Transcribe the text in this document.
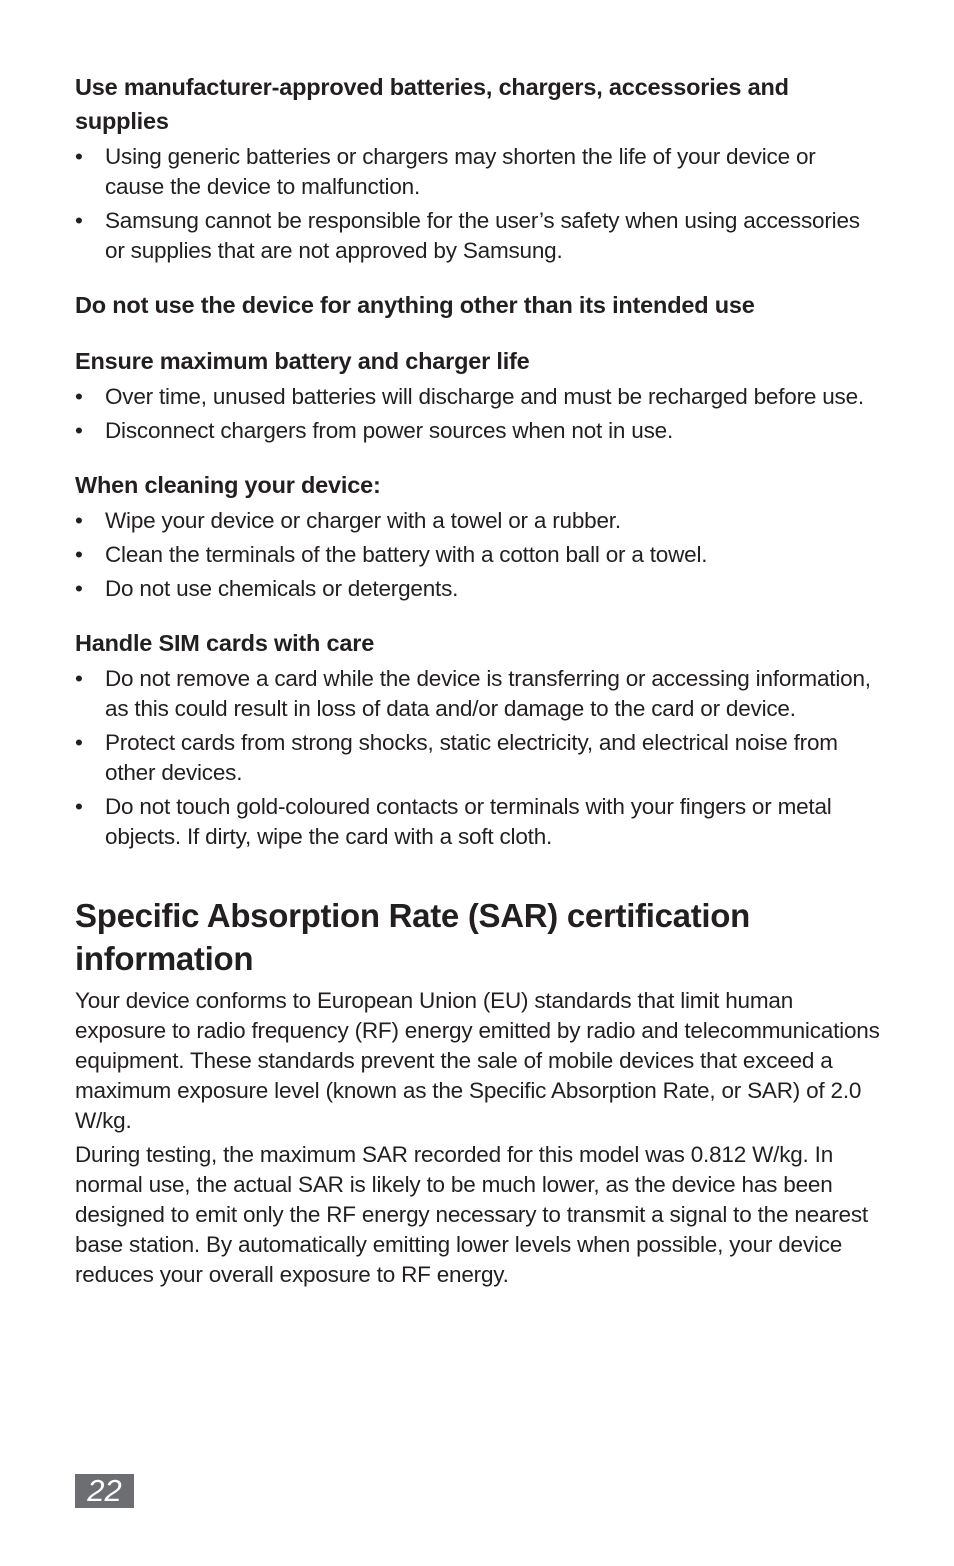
Use manufacturer-approved batteries, chargers, accessories and supplies
• Using generic batteries or chargers may shorten the life of your device or cause the device to malfunction.
• Samsung cannot be responsible for the user’s safety when using accessories or supplies that are not approved by Samsung.
Do not use the device for anything other than its intended use
Ensure maximum battery and charger life
• Over time, unused batteries will discharge and must be recharged before use.
• Disconnect chargers from power sources when not in use.
When cleaning your device:
• Wipe your device or charger with a towel or a rubber.
• Clean the terminals of the battery with a cotton ball or a towel.
• Do not use chemicals or detergents.
Handle SIM cards with care
• Do not remove a card while the device is transferring or accessing information, as this could result in loss of data and/or damage to the card or device.
• Protect cards from strong shocks, static electricity, and electrical noise from other devices.
• Do not touch gold-coloured contacts or terminals with your fingers or metal objects. If dirty, wipe the card with a soft cloth.
Specific Absorption Rate (SAR) certification information

Your device conforms to European Union (EU) standards that limit human exposure to radio frequency (RF) energy emitted by radio and telecommunications equipment. These standards prevent the sale of mobile devices that exceed a maximum exposure level (known as the Specific Absorption Rate, or SAR) of 2.0 W/kg.

During testing, the maximum SAR recorded for this model was 0.812 W/kg. In normal use, the actual SAR is likely to be much lower, as the device has been designed to emit only the RF energy necessary to transmit a signal to the nearest base station. By automatically emitting lower levels when possible, your device reduces your overall exposure to RF energy.

22
